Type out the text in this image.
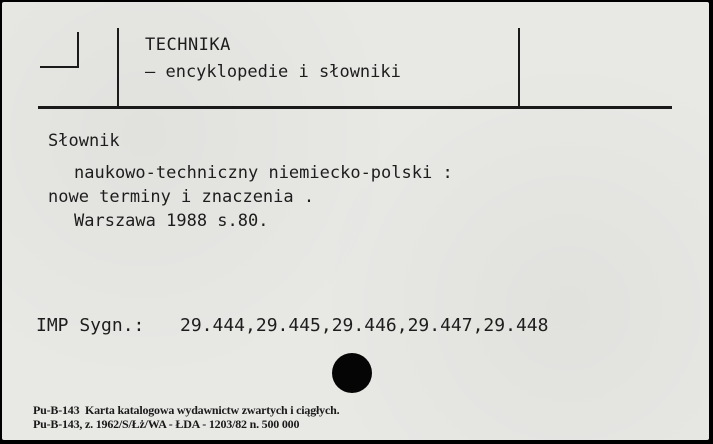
TECHNIKA
– encyklopedie i słowniki
Słownik
naukowo-techniczny niemiecko-polski :
nowe terminy i znaczenia .
Warszawa 1988 s.80.
IMP Sygn.: 29.444,29.445,29.446,29.447,29.448
Pu-B-143  Karta katalogowa wydawnictw zwartych i ciągłych.
Pu-B-143, z. 1962/S/Łż/WA - ŁDA - 1203/82 n. 500 000
